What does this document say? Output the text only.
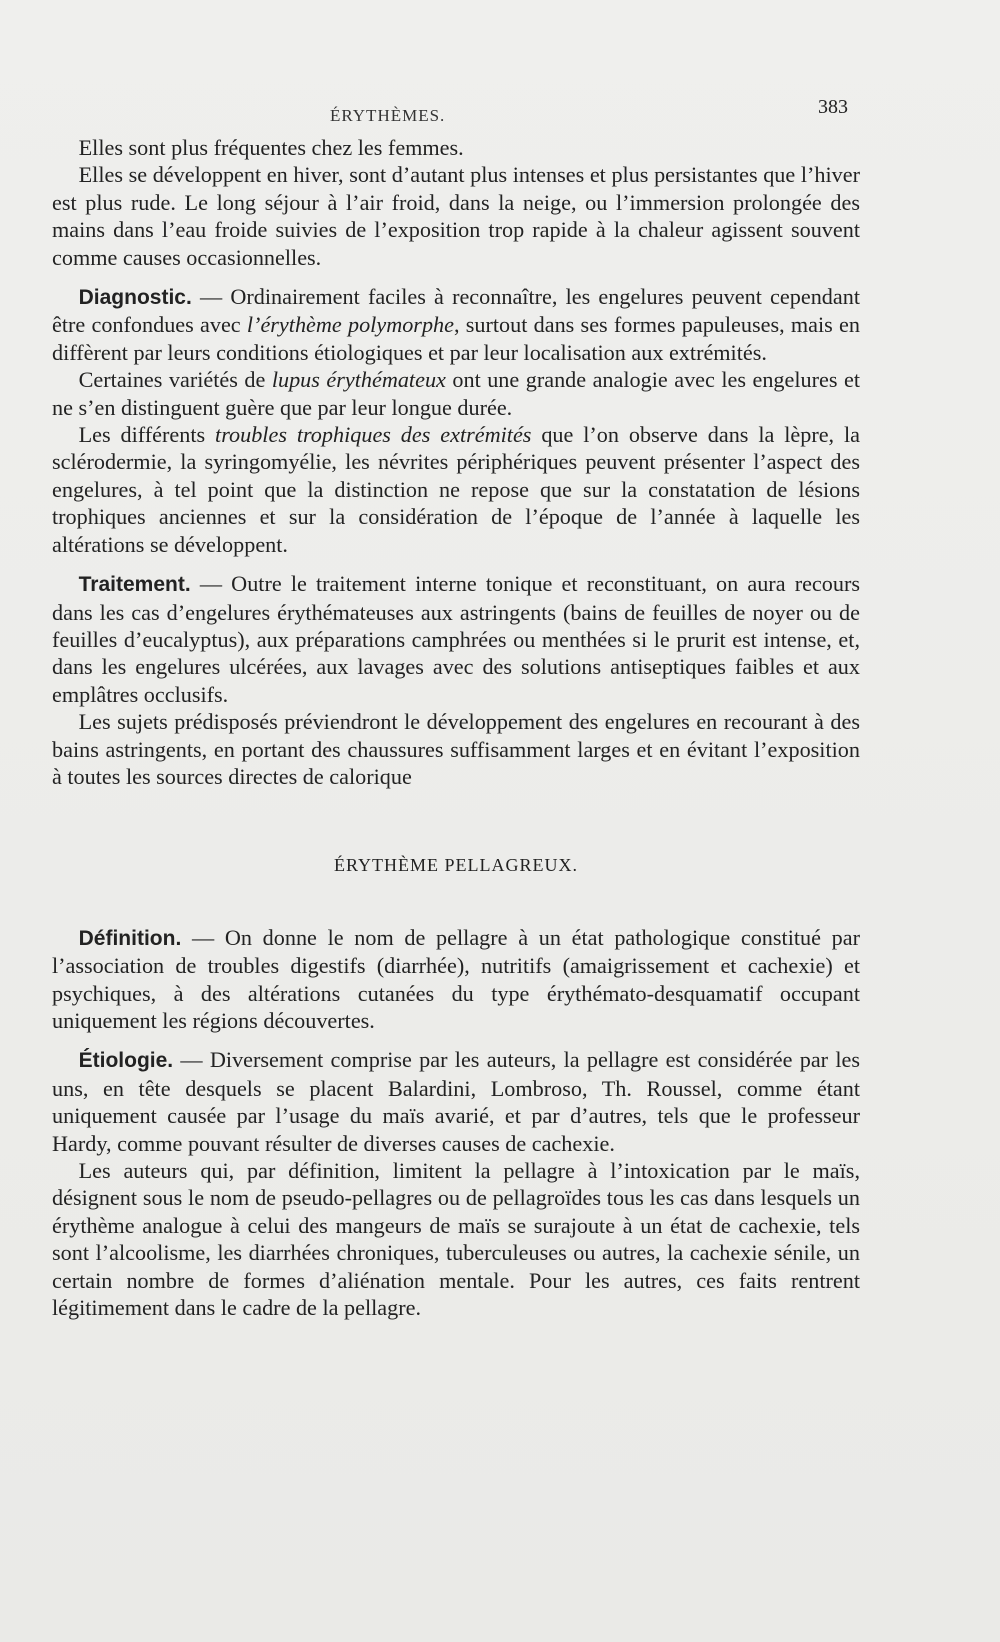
ÉRYTHÈMES.	383

Elles sont plus fréquentes chez les femmes.

Elles se développent en hiver, sont d’autant plus intenses et plus persistantes que l’hiver est plus rude. Le long séjour à l’air froid, dans la neige, ou l’immersion prolongée des mains dans l’eau froide suivies de l’exposition trop rapide à la chaleur agissent souvent comme causes occasionnelles.

Diagnostic. — Ordinairement faciles à reconnaître, les engelures peuvent cependant être confondues avec l’érythème polymorphe, surtout dans ses formes papuleuses, mais en diffèrent par leurs conditions étiologiques et par leur localisation aux extrémités.

Certaines variétés de lupus érythémateux ont une grande analogie avec les engelures et ne s’en distinguent guère que par leur longue durée.

Les différents troubles trophiques des extrémités que l’on observe dans la lèpre, la sclérodermie, la syringomyélie, les névrites périphériques peuvent présenter l’aspect des engelures, à tel point que la distinction ne repose que sur la constatation de lésions trophiques anciennes et sur la considération de l’époque de l’année à laquelle les altérations se développent.

Traitement. — Outre le traitement interne tonique et reconstituant, on aura recours dans les cas d’engelures érythémateuses aux astringents (bains de feuilles de noyer ou de feuilles d’eucalyptus), aux préparations camphrées ou menthées si le prurit est intense, et, dans les engelures ulcérées, aux lavages avec des solutions antiseptiques faibles et aux emplâtres occlusifs.

Les sujets prédisposés préviendront le développement des engelures en recourant à des bains astringents, en portant des chaussures suffisamment larges et en évitant l’exposition à toutes les sources directes de calorique

ÉRYTHÈME PELLAGREUX.

Définition. — On donne le nom de pellagre à un état pathologique constitué par l’association de troubles digestifs (diarrhée), nutritifs (amaigrissement et cachexie) et psychiques, à des altérations cutanées du type érythémato-desquamatif occupant uniquement les régions découvertes.

Étiologie. — Diversement comprise par les auteurs, la pellagre est considérée par les uns, en tête desquels se placent Balardini, Lombroso, Th. Roussel, comme étant uniquement causée par l’usage du maïs avarié, et par d’autres, tels que le professeur Hardy, comme pouvant résulter de diverses causes de cachexie.

Les auteurs qui, par définition, limitent la pellagre à l’intoxication par le maïs, désignent sous le nom de pseudo-pellagres ou de pellagroïdes tous les cas dans lesquels un érythème analogue à celui des mangeurs de maïs se surajoute à un état de cachexie, tels sont l’alcoolisme, les diarrhées chroniques, tuberculeuses ou autres, la cachexie sénile, un certain nombre de formes d’aliénation mentale. Pour les autres, ces faits rentrent légitimement dans le cadre de la pellagre.
